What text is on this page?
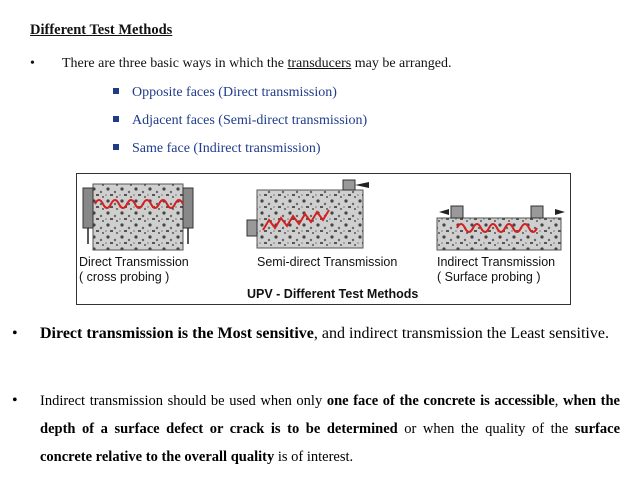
Different Test Methods
• There are three basic ways in which the transducers may be arranged.
Opposite faces (Direct transmission)
Adjacent faces (Semi-direct transmission)
Same face (Indirect transmission)
Direct Transmission
( cross probing )
Semi-direct Transmission	Indirect Transmission
( Surface probing )
UPV - Different Test Methods
•	Direct transmission is the Most sensitive, and indirect transmission the Least sensitive.
•	Indirect transmission should be used when only one face of the concrete is accessible, when the depth of a surface defect or crack is to be determined or when the quality of the surface concrete relative to the overall quality is of interest.
